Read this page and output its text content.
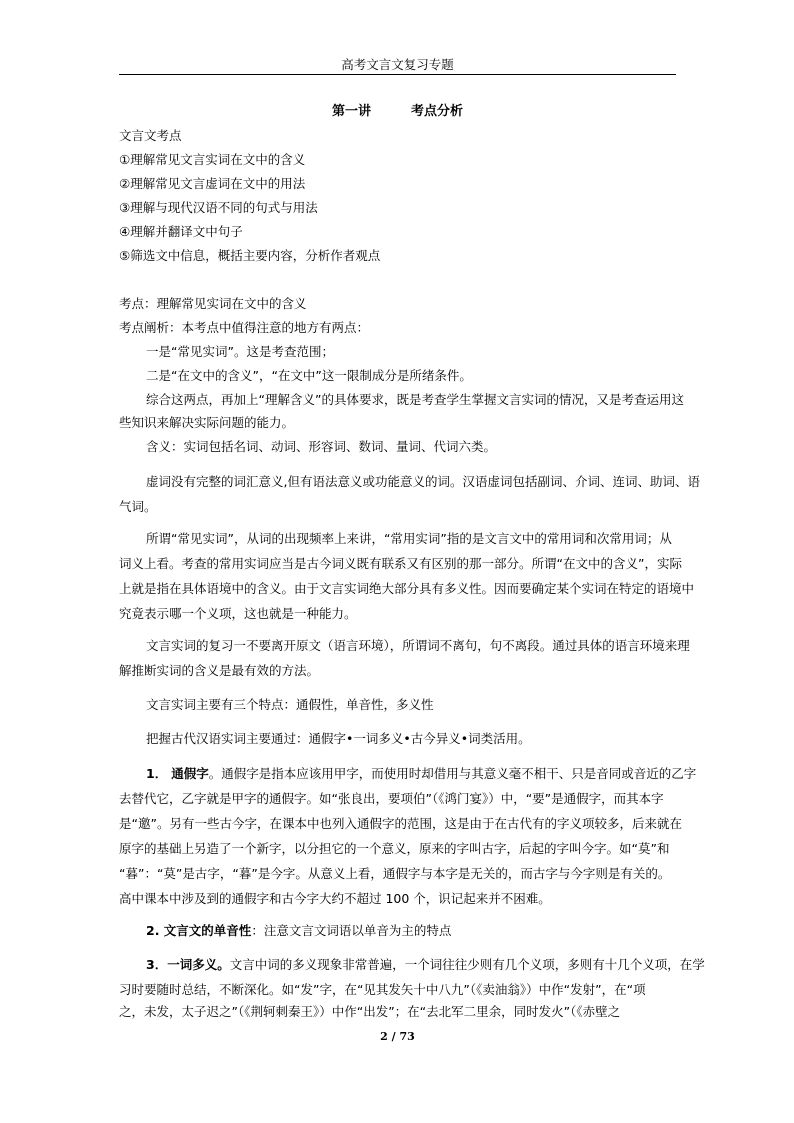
高考文言文复习专题
第一讲	考点分析
文言文考点
①理解常见文言实词在文中的含义
②理解常见文言虚词在文中的用法
③理解与现代汉语不同的句式与用法
④理解并翻译文中句子
⑤筛选文中信息，概括主要内容，分析作者观点
考点：理解常见实词在文中的含义
考点阐析：本考点中值得注意的地方有两点：
一是“常见实词”。这是考查范围；
二是“在文中的含义”，“在文中”这一限制成分是所绪条件。
综合这两点，再加上“理解含义”的具体要求，既是考查学生掌握文言实词的情况，又是考查运用这
些知识来解决实际问题的能力。
含义：实词包括名词、动词、形容词、数词、量词、代词六类。
虚词没有完整的词汇意义,但有语法意义或功能意义的词。汉语虚词包括副词、介词、连词、助词、语
气词。
所谓“常见实词”，从词的出现频率上来讲，“常用实词”指的是文言文中的常用词和次常用词；从
词义上看。考查的常用实词应当是古今词义既有联系又有区别的那一部分。所谓“在文中的含义”，实际
上就是指在具体语境中的含义。由于文言实词绝大部分具有多义性。因而要确定某个实词在特定的语境中
究竟表示哪一个义项，这也就是一种能力。
文言实词的复习一不要离开原文（语言环境），所谓词不离句，句不离段。通过具体的语言环境来理
解推断实词的含义是最有效的方法。
文言实词主要有三个特点：通假性，单音性，多义性
把握古代汉语实词主要通过：通假字•一词多义•古今异义•词类活用。
1． 通假字。通假字是指本应该用甲字，而使用时却借用与其意义毫不相干、只是音同或音近的乙字
去替代它，乙字就是甲字的通假字。如“张良出，要项伯”（《鸿门宴》）中，“要”是通假字，而其本字
是“邀”。另有一些古今字，在课本中也列入通假字的范围，这是由于在古代有的字义项较多，后来就在
原字的基础上另造了一个新字，以分担它的一个意义，原来的字叫古字，后起的字叫今字。如“莫”和
“暮”：“莫”是古字，“暮”是今字。从意义上看，通假字与本字是无关的，而古字与今字则是有关的。
高中课本中涉及到的通假字和古今字大约不超过 100 个，识记起来并不困难。
2. 文言文的单音性：注意文言文词语以单音为主的特点
3．一词多义。文言中词的多义现象非常普遍，一个词往往少则有几个义项，多则有十几个义项，在学
习时要随时总结，不断深化。如“发”字，在“见其发矢十中八九”（《卖油翁》）中作“发射”，在“项
之，未发，太子迟之”（《荆轲刺秦王》）中作“出发”；在“去北军二里余，同时发火”（《赤壁之
2 / 73
